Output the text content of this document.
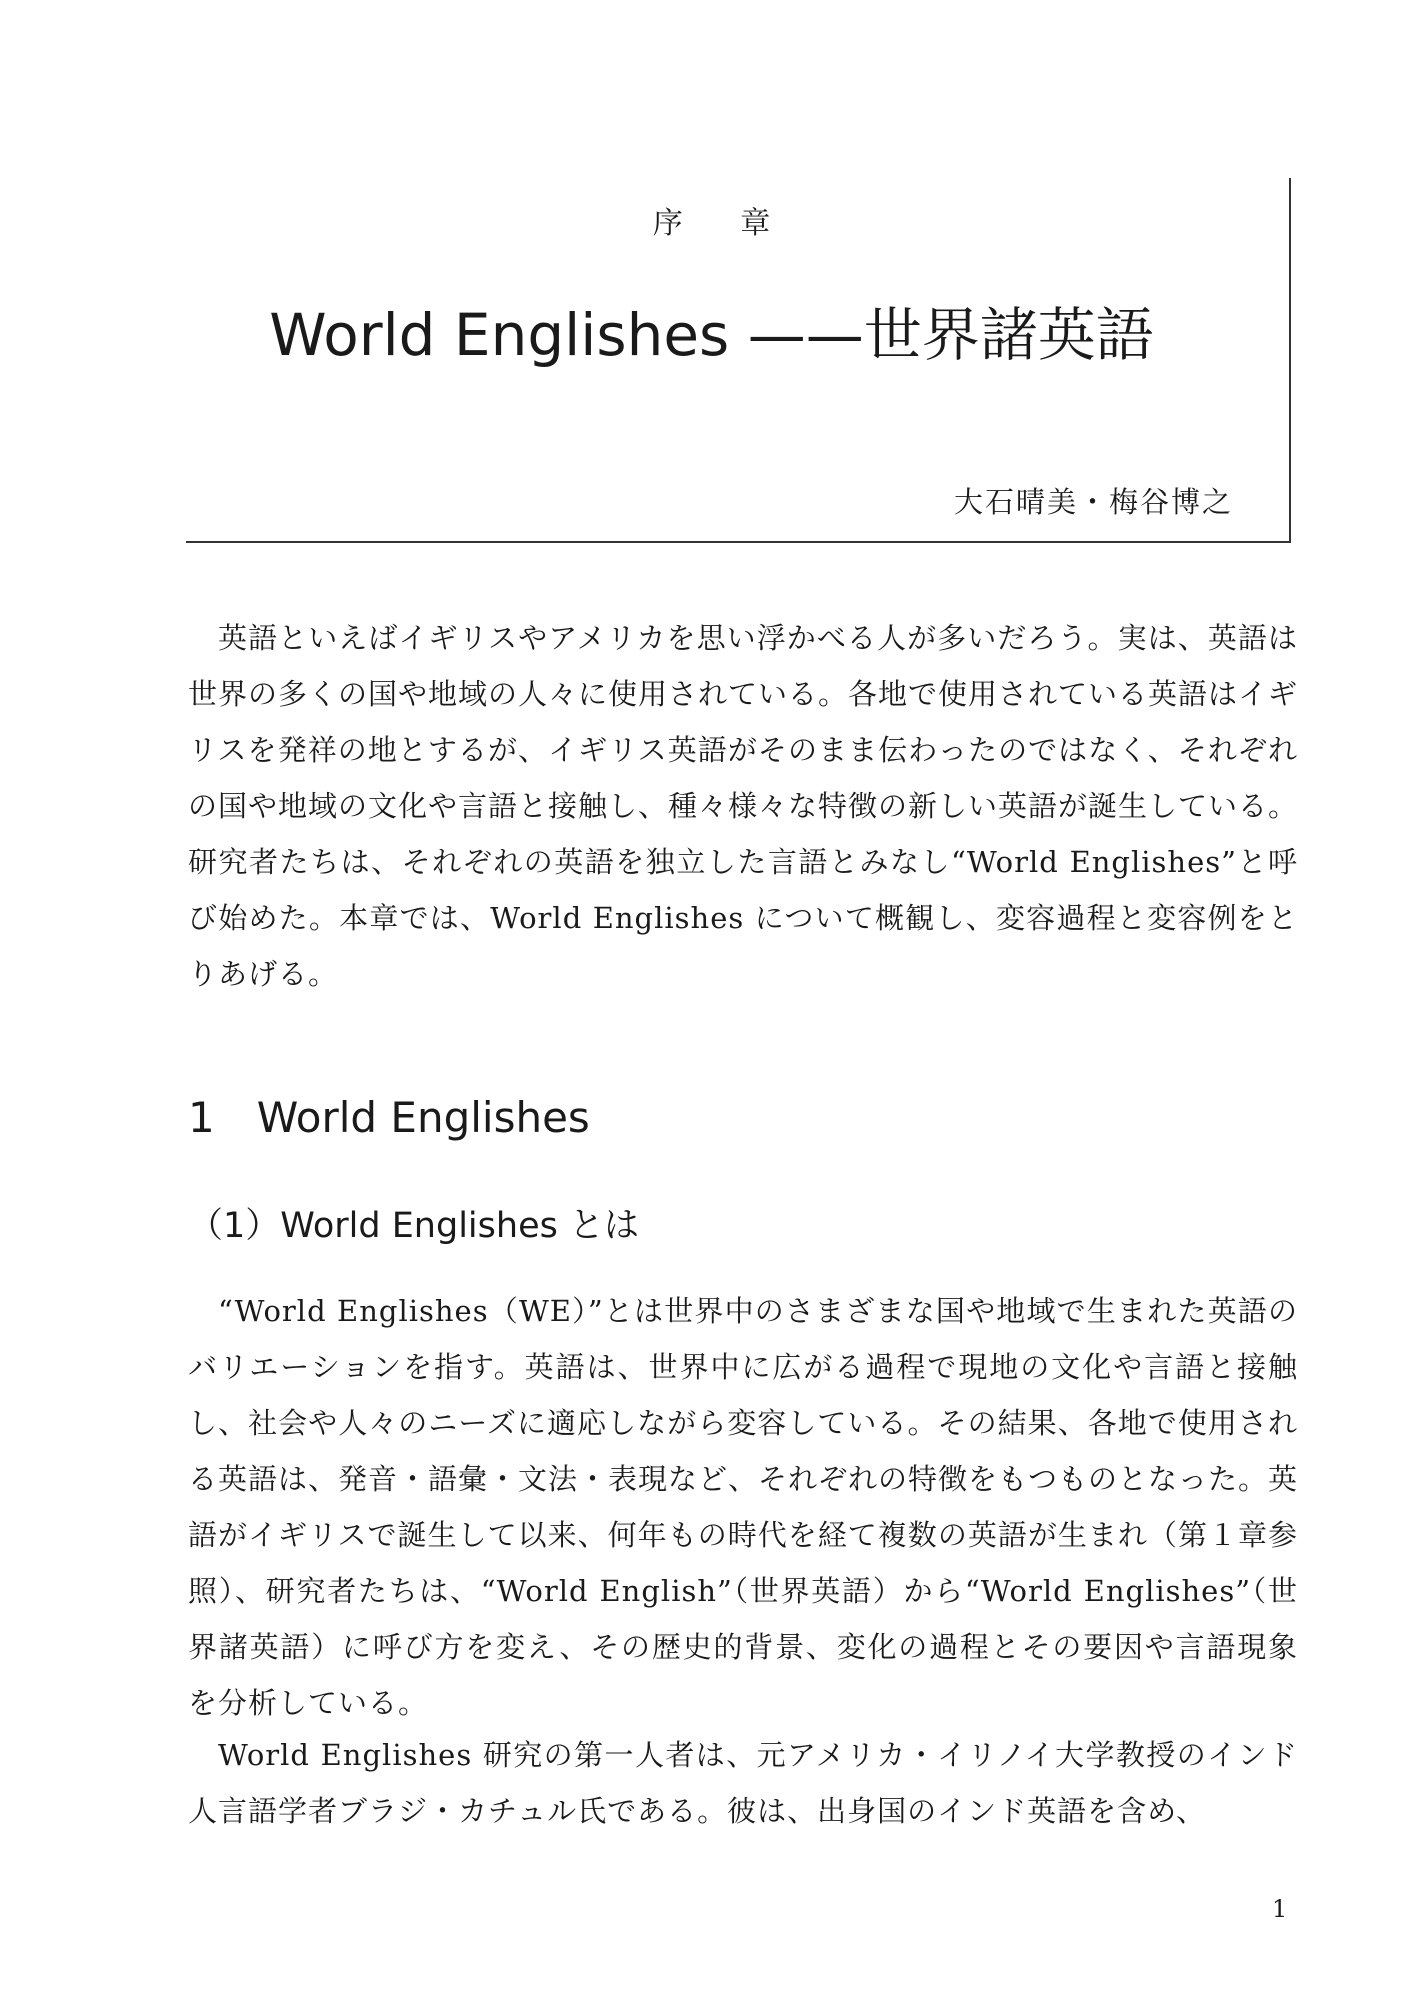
序 章
World Englishes ——世界諸英語
大石晴美・梅谷博之

英語といえばイギリスやアメリカを思い浮かべる人が多いだろう。実は、英語は世界の多くの国や地域の人々に使用されている。各地で使用されている英語はイギリスを発祥の地とするが、イギリス英語がそのまま伝わったのではなく、それぞれの国や地域の文化や言語と接触し、種々様々な特徴の新しい英語が誕生している。研究者たちは、それぞれの英語を独立した言語とみなし“World Englishes”と呼び始めた。本章では、World Englishes について概観し、変容過程と変容例をとりあげる。

1　World Englishes
（1）World Englishes とは

“World Englishes（WE）”とは世界中のさまざまな国や地域で生まれた英語のバリエーションを指す。英語は、世界中に広がる過程で現地の文化や言語と接触し、社会や人々のニーズに適応しながら変容している。その結果、各地で使用される英語は、発音・語彙・文法・表現など、それぞれの特徴をもつものとなった。英語がイギリスで誕生して以来、何年もの時代を経て複数の英語が生まれ（第１章参照）、研究者たちは、“World English”（世界英語）から“World Englishes”（世界諸英語）に呼び方を変え、その歴史的背景、変化の過程とその要因や言語現象を分析している。

World Englishes 研究の第一人者は、元アメリカ・イリノイ大学教授のインド人言語学者ブラジ・カチュル氏である。彼は、出身国のインド英語を含め、

1
